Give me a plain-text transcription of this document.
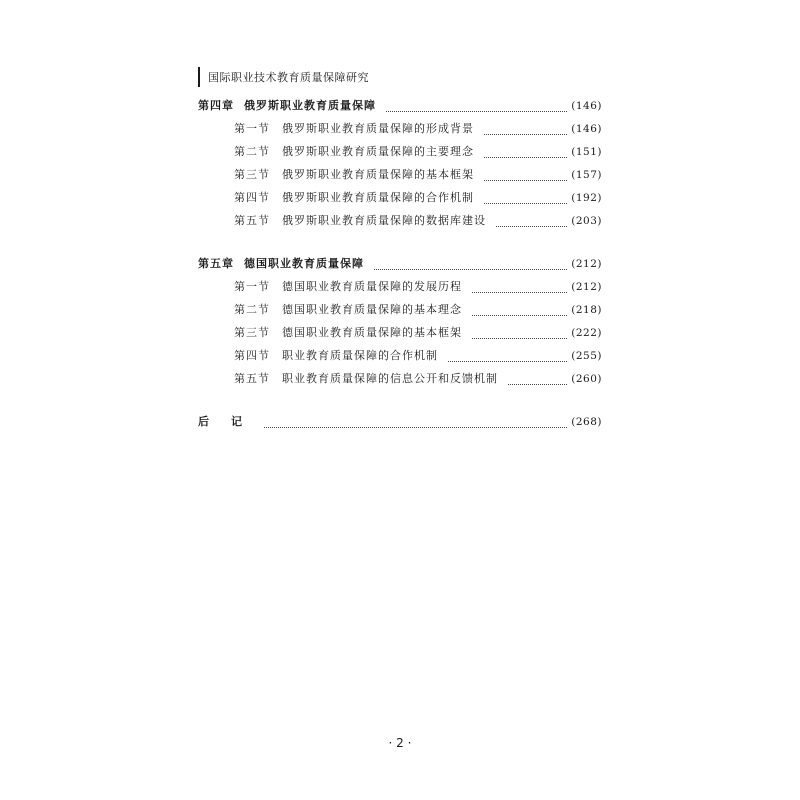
国际职业技术教育质量保障研究
第四章 俄罗斯职业教育质量保障	(146)
第一节 俄罗斯职业教育质量保障的形成背景	(146)
第二节 俄罗斯职业教育质量保障的主要理念	(151)
第三节 俄罗斯职业教育质量保障的基本框架	(157)
第四节 俄罗斯职业教育质量保障的合作机制	(192)
第五节 俄罗斯职业教育质量保障的数据库建设	(203)
第五章 德国职业教育质量保障	(212)
第一节 德国职业教育质量保障的发展历程	(212)
第二节 德国职业教育质量保障的基本理念	(218)
第三节 德国职业教育质量保障的基本框架	(222)
第四节 职业教育质量保障的合作机制	(255)
第五节 职业教育质量保障的信息公开和反馈机制	(260)
后 记	(268)
· 2 ·
